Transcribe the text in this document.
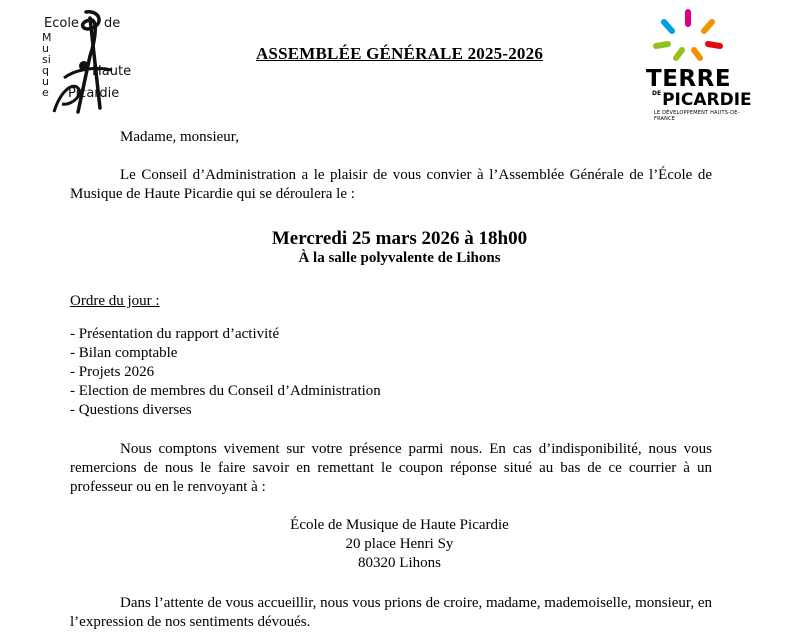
Ecole de
Musique
Haute
Picardie
ASSEMBLÉE GÉNÉRALE 2025-2026
TERRE
$^{DE}$PICARDIE
LE DÉVELOPPEMENT HAUTS-DE-FRANCE

Madame, monsieur,

Le Conseil d’Administration a le plaisir de vous convier à l’Assemblée Générale de l’École de Musique de Haute Picardie qui se déroulera le :

Mercredi 25 mars 2026 à 18h00
À la salle polyvalente de Lihons

Ordre du jour :

- Présentation du rapport d’activité
- Bilan comptable
- Projets 2026
- Election de membres du Conseil d’Administration
- Questions diverses

Nous comptons vivement sur votre présence parmi nous. En cas d’indisponibilité, nous vous remercions de nous le faire savoir en remettant le coupon réponse situé au bas de ce courrier à un professeur ou en le renvoyant à :

École de Musique de Haute Picardie
20 place Henri Sy
80320 Lihons

Dans l’attente de vous accueillir, nous vous prions de croire, madame, mademoiselle, monsieur, en l’expression de nos sentiments dévoués.
